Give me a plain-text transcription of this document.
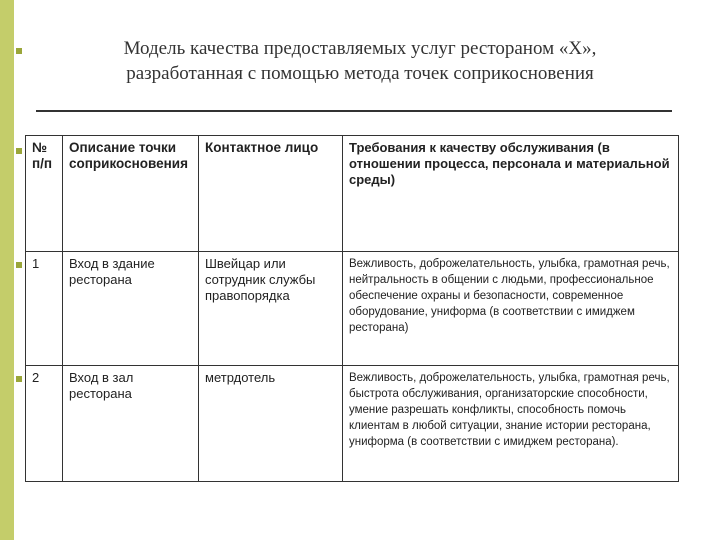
Модель качества предоставляемых услуг рестораном «Х»,
разработанная с помощью метода точек соприкосновения
№ п/п	Описание точки соприкосновения	Контактное лицо	Требования к качеству обслуживания (в отношении процесса, персонала и материальной среды)
1	Вход в здание ресторана	Швейцар или сотрудник службы правопорядка	Вежливость, доброжелательность, улыбка, грамотная речь, нейтральность в общении с людьми, профессиональное обеспечение охраны и безопасности, современное оборудование, униформа (в соответствии с имиджем ресторана)
2	Вход в зал ресторана	метрдотель	Вежливость, доброжелательность, улыбка, грамотная речь, быстрота обслуживания, организаторские способности, умение разрешать конфликты, способность помочь клиентам в любой ситуации, знание истории ресторана, униформа (в соответствии с имиджем ресторана).
